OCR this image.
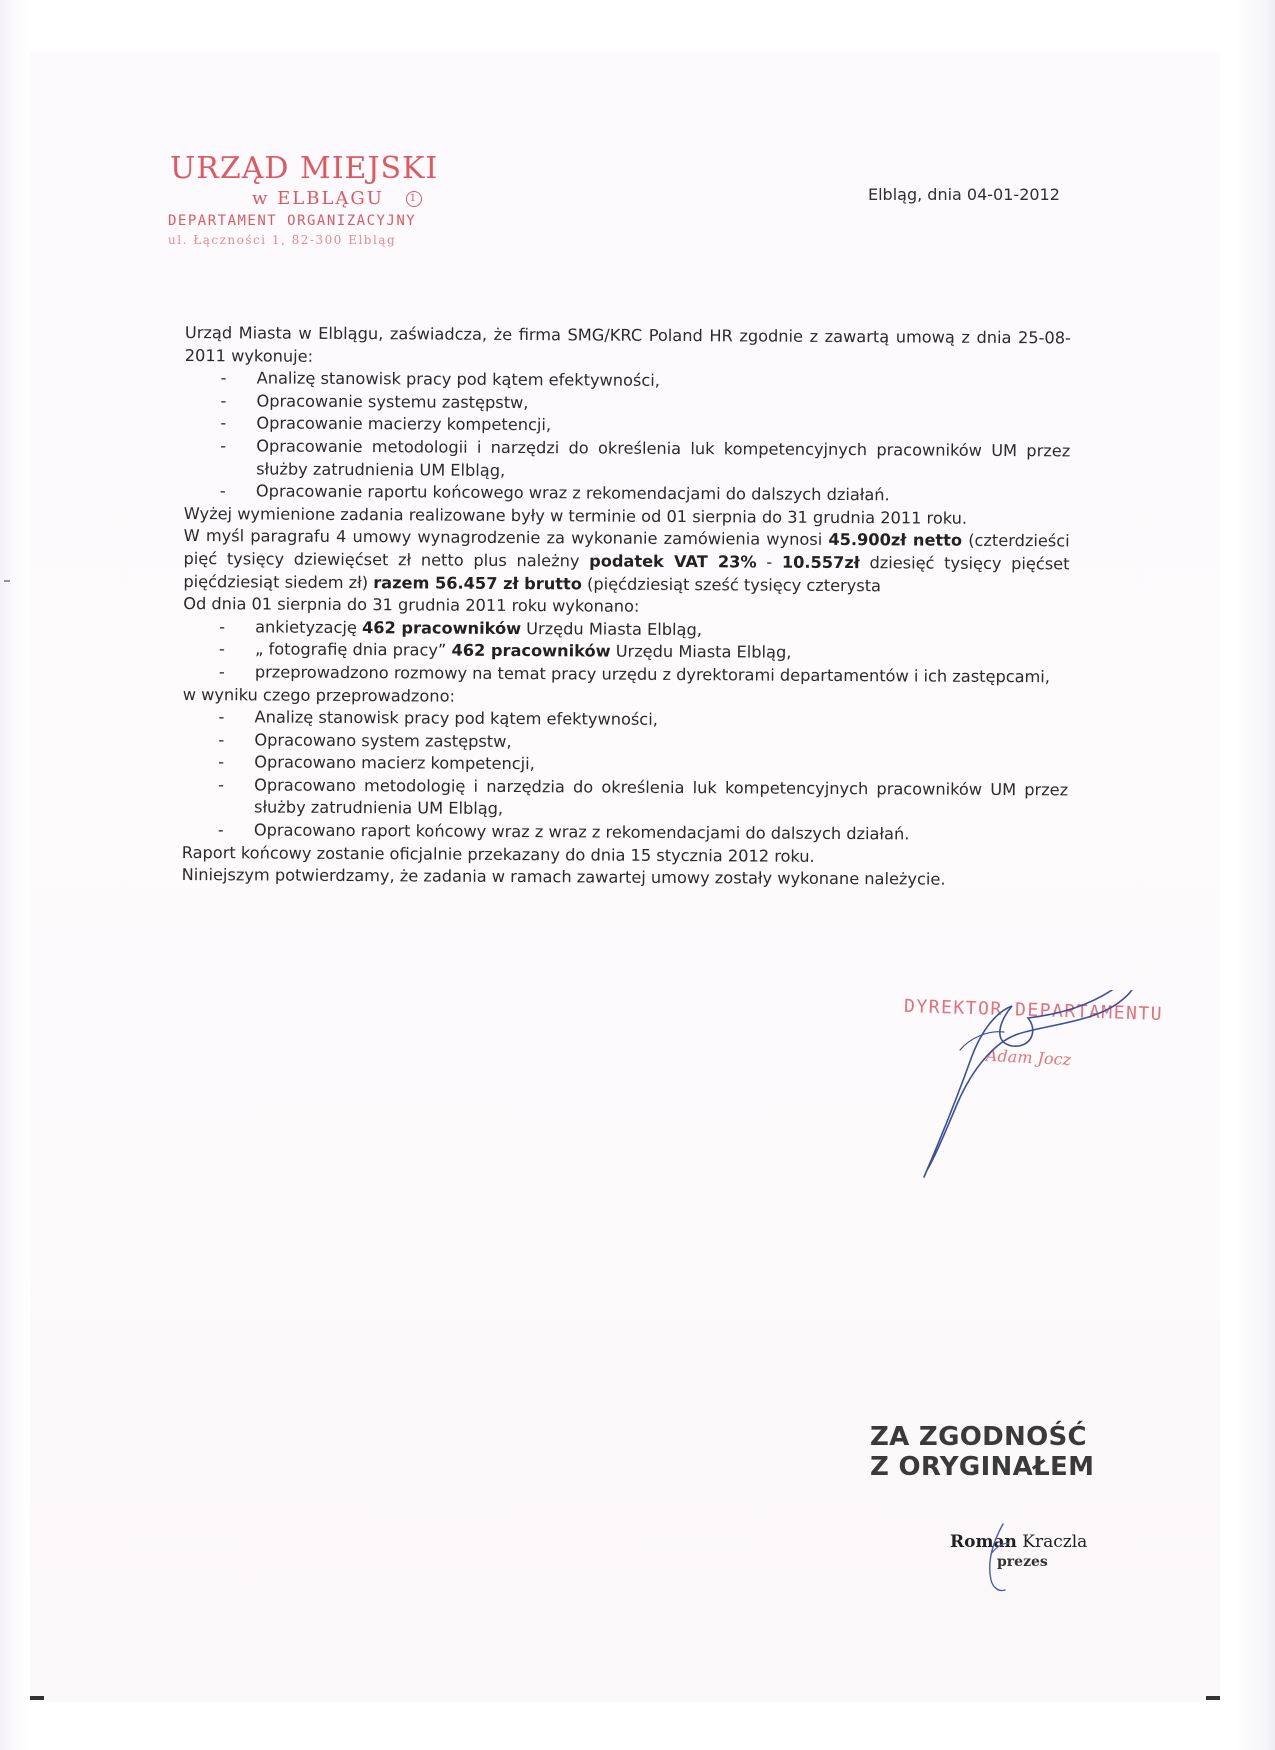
URZĄD MIEJSKI
w ELBLĄGU	1
DEPARTAMENT ORGANIZACYJNY
ul. Łączności 1, 82-300 Elbląg
Elbląg, dnia 04-01-2012

Urząd Miasta w Elblągu, zaświadcza, że firma SMG/KRC Poland HR zgodnie z zawartą umową z dnia 25-08-2011 wykonuje:

- Analizę stanowisk pracy pod kątem efektywności,
- Opracowanie systemu zastępstw,
- Opracowanie macierzy kompetencji,
- Opracowanie metodologii i narzędzi do określenia luk kompetencyjnych pracowników UM przez służby zatrudnienia UM Elbląg,
- Opracowanie raportu końcowego wraz z rekomendacjami do dalszych działań.

Wyżej wymienione zadania realizowane były w terminie od 01 sierpnia do 31 grudnia 2011 roku.

W myśl paragrafu 4 umowy wynagrodzenie za wykonanie zamówienia wynosi 45.900zł netto (czterdzieści pięć tysięcy dziewięćset zł netto plus należny podatek VAT 23% - 10.557zł dziesięć tysięcy pięćset pięćdziesiąt siedem zł) razem 56.457 zł brutto (pięćdziesiąt sześć tysięcy czterysta

Od dnia 01 sierpnia do 31 grudnia 2011 roku wykonano:

- ankietyzację 462 pracowników Urzędu Miasta Elbląg,
- „ fotografię dnia pracy” 462 pracowników Urzędu Miasta Elbląg,
- przeprowadzono rozmowy na temat pracy urzędu z dyrektorami departamentów i ich zastępcami,

w wyniku czego przeprowadzono:

- Analizę stanowisk pracy pod kątem efektywności,
- Opracowano system zastępstw,
- Opracowano macierz kompetencji,
- Opracowano metodologię i narzędzia do określenia luk kompetencyjnych pracowników UM przez służby zatrudnienia UM Elbląg,
- Opracowano raport końcowy wraz z wraz z rekomendacjami do dalszych działań.

Raport końcowy zostanie oficjalnie przekazany do dnia 15 stycznia 2012 roku.

Niniejszym potwierdzamy, że zadania w ramach zawartej umowy zostały wykonane należycie.

DYREKTOR DEPARTAMENTU
Adam Jocz
ZA ZGODNOŚĆ
Z ORYGINAŁEM
Roman Kraczla
prezes
